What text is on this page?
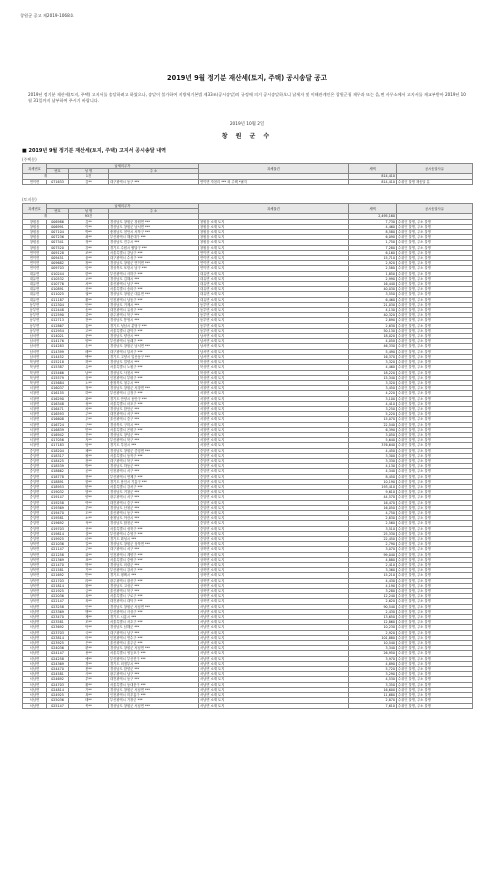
창원군 공고 제2019-1068호
2019년 9월 정기분 재산세(토지, 주택) 공시송달 공고
2019년 정기분 재산세(토지, 주택) 고지서를 송달하려고 하였으나, 송달이 불가하여 지방세기본법 제33조(공시송달)의 규정에 의거 공시송달하오니 납세자 및 이해관계인은 창원군청 재무과 또는 읍,면 사무소에서 고지서를 재교부받아 2019년 10월 31일까지 납부하여 주시기 바랍니다.
2019년 10월 2일
창 원 군 수
■ 2019년 9월 정기분 재산세(토지, 주택) 고지서 공시송달 내역
(주택분)
과세번호	납세의무자			과세물건	세액	공시송달사유
	번호	성 명	주 소			
계		1건			814,410	
연이면	071633	김**	대구광역시 동구 ***	연이면 자천리 *** 외 주택 *필지	814,410	수취인 불명 재송달 분
(토지분)
과세번호	납세의무자			과세물건	세액	공시송달사유
	번호	성 명	주 소			
계		93건			2,495,160	
창원읍	006986	김**	경상남도 창원군 창원면 ***	창원읍 소재 토지	7,730	수취인 불명, 주소 불명
창원읍	006991	이**	경상남도 창원군 남서면 ***	창원읍 소재 토지	4,460	수취인 불명, 주소 불명
창원읍	007104	박**	충청남도 천안시 서북구 ***	창원읍 소재 토지	8,580	수취인 불명, 주소 불명
창원읍	007236	최**	부산광역시 해운대구 ***	창원읍 소재 토지	6,090	수취인 불명, 주소 불명
창원읍	007341	정**	경상남도 진주시 ***	창원읍 소재 토지	1,750	수취인 불명, 주소 불명
창원읍	007520	강**	경기도 수원시 팔달구 ***	창원읍 소재 토지	7,280	수취인 불명, 주소 불명
연이면	009128	조**	서울특별시 강남구 ***	연이면 소재 토지	6,160	수취인 불명, 주소 불명
연이면	009451	윤**	대구광역시 수성구 ***	연이면 소재 토지	15,710	수취인 불명, 주소 불명
연이면	009682	장**	경상남도 창원군 연이면 ***	연이면 소재 토지	2,920	수취인 불명, 주소 불명
연이면	009703	임**	경상북도 포항시 남구 ***	연이면 소재 토지	2,580	수취인 불명, 주소 불명
대유면	010244	한**	부산광역시 사하구 ***	대유면 소재 토지	1,850	수취인 불명, 주소 불명
대유면	010532	오**	경상남도 김해시 ***	대유면 소재 토지	2,990	수취인 불명, 주소 불명
대유면	010776	서**	울산광역시 남구 ***	대유면 소재 토지	16,440	수취인 불명, 주소 불명
대유면	010891	신**	서울특별시 송파구 ***	대유면 소재 토지	40,030	수취인 불명, 주소 불명
대유면	011025	권**	경상남도 창원군 대유면 ***	대유면 소재 토지	3,550	수취인 불명, 주소 불명
대유면	011187	황**	인천광역시 남동구 ***	대유면 소재 토지	6,460	수취인 불명, 주소 불명
동부면	012304	안**	경상남도 거제시 ***	동부면 소재 토지	21,030	수취인 불명, 주소 불명
동부면	012448	송**	대전광역시 유성구 ***	동부면 소재 토지	4,130	수취인 불명, 주소 불명
동부면	012590	류**	광주광역시 북구 ***	동부면 소재 토지	40,320	수취인 불명, 주소 불명
동부면	012713	전**	경상남도 통영시 ***	동부면 소재 토지	2,890	수취인 불명, 주소 불명
동부면	012867	홍**	경기도 성남시 분당구 ***	동부면 소재 토지	2,630	수취인 불명, 주소 불명
동부면	012954	고**	서울특별시 관악구 ***	동부면 소재 토지	50,130	수취인 불명, 주소 불명
남서면	014021	문**	경상남도 양산시 ***	남서면 소재 토지	18,020	수취인 불명, 주소 불명
남서면	014176	양**	부산광역시 동래구 ***	남서면 소재 토지	4,050	수취인 불명, 주소 불명
남서면	014283	손**	경상남도 창원군 남서면 ***	남서면 소재 토지	46,330	수취인 불명, 주소 불명
남서면	014399	배**	대구광역시 달서구 ***	남서면 소재 토지	5,490	수취인 불명, 주소 불명
남서면	014452	백**	경기도 고양시 일산동구 ***	남서면 소재 토지	16,370	수취인 불명, 주소 불명
북상면	015218	허**	경상남도 밀양시 ***	북상면 소재 토지	3,320	수취인 불명, 주소 불명
북상면	015387	유**	서울특별시 노원구 ***	북상면 소재 토지	4,460	수취인 불명, 주소 불명
북상면	015466	남**	경상남도 사천시 ***	북상면 소재 토지	18,220	수취인 불명, 주소 불명
북상면	015579	심**	인천광역시 부평구 ***	북상면 소재 토지	15,340	수취인 불명, 주소 불명
북상면	015684	노**	충청북도 청주시 ***	북상면 소재 토지	3,320	수취인 불명, 주소 불명
서창면	016037	정**	경상남도 창원군 서창면 ***	서창면 소재 토지	3,450	수취인 불명, 주소 불명
서창면	016155	하**	부산광역시 금정구 ***	서창면 소재 토지	4,220	수취인 불명, 주소 불명
서창면	016290	곽**	경기도 안양시 동안구 ***	서창면 소재 토지	3,100	수취인 불명, 주소 불명
서창면	016348	성**	서울특별시 마포구 ***	서창면 소재 토지	4,410	수취인 불명, 주소 불명
서창면	016471	차**	경상남도 함안군 ***	서창면 소재 토지	3,250	수취인 불명, 주소 불명
서창면	016593	주**	대전광역시 서구 ***	서창면 소재 토지	5,220	수취인 불명, 주소 불명
서창면	016608	우**	울산광역시 중구 ***	서창면 소재 토지	15,070	수취인 불명, 주소 불명
서창면	016724	구**	경상북도 구미시 ***	서창면 소재 토지	22,540	수취인 불명, 주소 불명
서창면	016839	민**	서울특별시 은평구 ***	서창면 소재 토지	6,390	수취인 불명, 주소 불명
서창면	016942	진**	경상남도 창녕군 ***	서창면 소재 토지	3,050	수취인 불명, 주소 불명
서창면	017056	지**	부산광역시 북구 ***	서창면 소재 토지	5,640	수취인 불명, 주소 불명
서창면	017183	엄**	경기도 부천시 ***	서창면 소재 토지	376,640	수취인 불명, 주소 불명
중앙면	018204	채**	경상남도 창원군 중앙면 ***	중앙면 소재 토지	4,450	수취인 불명, 주소 불명
중앙면	018317	원**	서울특별시 동작구 ***	중앙면 소재 토지	3,300	수취인 불명, 주소 불명
중앙면	018425	천**	대구광역시 북구 ***	중앙면 소재 토지	3,330	수취인 불명, 주소 불명
중앙면	018539	방**	경상남도 하동군 ***	중앙면 소재 토지	4,130	수취인 불명, 주소 불명
중앙면	018662	공**	인천광역시 서구 ***	중앙면 소재 토지	4,340	수취인 불명, 주소 불명
중앙면	018778	현**	부산광역시 연제구 ***	중앙면 소재 토지	8,450	수취인 불명, 주소 불명
중앙면	018891	함**	경기도 용인시 기흥구 ***	중앙면 소재 토지	10,190	수취인 불명, 주소 불명
중앙면	018953	변**	서울특별시 강서구 ***	중앙면 소재 토지	193,410	수취인 불명, 주소 불명
중앙면	019032	염**	경상남도 거창군 ***	중앙면 소재 토지	9,610	수취인 불명, 주소 불명
중앙면	019147	양**	광주광역시 서구 ***	중앙면 소재 토지	44,570	수취인 불명, 주소 불명
중앙면	019258	여**	대전광역시 중구 ***	중앙면 소재 토지	16,470	수취인 불명, 주소 불명
중앙면	019369	추**	경상남도 산청군 ***	중앙면 소재 토지	16,050	수취인 불명, 주소 불명
중앙면	019470	도**	울산광역시 동구 ***	중앙면 소재 토지	4,750	수취인 불명, 주소 불명
중앙면	019581	소**	충청남도 아산시 ***	중앙면 소재 토지	2,830	수취인 불명, 주소 불명
중앙면	019692	석**	경상남도 합천군 ***	중앙면 소재 토지	2,560	수취인 불명, 주소 불명
중앙면	019703	선**	서울특별시 성북구 ***	중앙면 소재 토지	3,510	수취인 불명, 주소 불명
중앙면	019814	설**	부산광역시 수영구 ***	중앙면 소재 토지	25,330	수취인 불명, 주소 불명
중앙면	019925	마**	경기도 화성시 ***	중앙면 소재 토지	22,450	수취인 불명, 주소 불명
상북면	021036	길**	경상남도 창원군 상북면 ***	상북면 소재 토지	2,790	수취인 불명, 주소 불명
상북면	021147	주**	대구광역시 서구 ***	상북면 소재 토지	3,070	수취인 불명, 주소 불명
상북면	021258	위**	인천광역시 계양구 ***	상북면 소재 토지	99,040	수취인 불명, 주소 불명
상북면	021369	표**	서울특별시 중랑구 ***	상북면 소재 토지	4,880	수취인 불명, 주소 불명
상북면	021470	명**	경상남도 의령군 ***	상북면 소재 토지	2,410	수취인 불명, 주소 불명
상북면	021581	기**	부산광역시 강서구 ***	상북면 소재 토지	3,360	수취인 불명, 주소 불명
상북면	021692	반**	경기도 평택시 ***	상북면 소재 토지	15,210	수취인 불명, 주소 불명
상북면	021703	라**	광주광역시 광산구 ***	상북면 소재 토지	4,430	수취인 불명, 주소 불명
상북면	021814	왕**	경상남도 고성군 ***	상북면 소재 토지	4,190	수취인 불명, 주소 불명
상북면	021925	금**	울산광역시 북구 ***	상북면 소재 토지	3,280	수취인 불명, 주소 불명
상북면	022036	옥**	서울특별시 구로구 ***	상북면 소재 토지	12,240	수취인 불명, 주소 불명
상북면	022147	육**	대전광역시 대덕구 ***	상북면 소재 토지	2,620	수취인 불명, 주소 불명
서남면	023258	인**	경상남도 창원군 서남면 ***	서남면 소재 토지	90,540	수취인 불명, 주소 불명
서남면	023369	맹**	부산광역시 사상구 ***	서남면 소재 토지	2,430	수취인 불명, 주소 불명
서남면	023470	제**	경기도 시흥시 ***	서남면 소재 토지	13,650	수취인 불명, 주소 불명
서남면	023581	모**	서울특별시 서초구 ***	서남면 소재 토지	12,860	수취인 불명, 주소 불명
서남면	023692	탁**	경상남도 남해군 ***	서남면 소재 토지	10,230	수취인 불명, 주소 불명
서남면	023703	국**	대구광역시 남구 ***	서남면 소재 토지	2,920	수취인 불명, 주소 불명
서남면	023814	어**	인천광역시 연수구 ***	서남면 소재 토지	101,880	수취인 불명, 주소 불명
서남면	023925	은**	울산광역시 울주군 ***	서남면 소재 토지	10,540	수취인 불명, 주소 불명
서남면	024036	편**	경상남도 창원군 서남면 ***	서남면 소재 토지	3,340	수취인 불명, 주소 불명
서남면	024147	용**	서울특별시 영등포구 ***	서남면 소재 토지	26,950	수취인 불명, 주소 불명
서남면	024258	예**	부산광역시 부산진구 ***	서남면 소재 토지	3,970	수취인 불명, 주소 불명
서남면	024369	경**	경기도 의정부시 ***	서남면 소재 토지	4,890	수취인 불명, 주소 불명
서남면	024470	봉**	경상남도 함양군 ***	서남면 소재 토지	5,720	수취인 불명, 주소 불명
서남면	024581	사**	광주광역시 남구 ***	서남면 소재 토지	3,290	수취인 불명, 주소 불명
서남면	024692	부**	대전광역시 동구 ***	서남면 소재 토지	4,530	수취인 불명, 주소 불명
서남면	024703	황**	서울특별시 동대문구 ***	서남면 소재 토지	3,350	수취인 불명, 주소 불명
서남면	024814	가**	경상남도 창원군 서남면 ***	서남면 소재 토지	16,600	수취인 불명, 주소 불명
서남면	024925	복**	인천광역시 미추홀구 ***	서남면 소재 토지	11,680	수취인 불명, 주소 불명
서남면	025036	태**	부산광역시 기장군 ***	서남면 소재 토지	2,870	수취인 불명, 주소 불명
서남면	025147	목**	경상남도 창원군 서남면 ***	서남면 소재 토지	7,610	수취인 불명, 주소 불명
